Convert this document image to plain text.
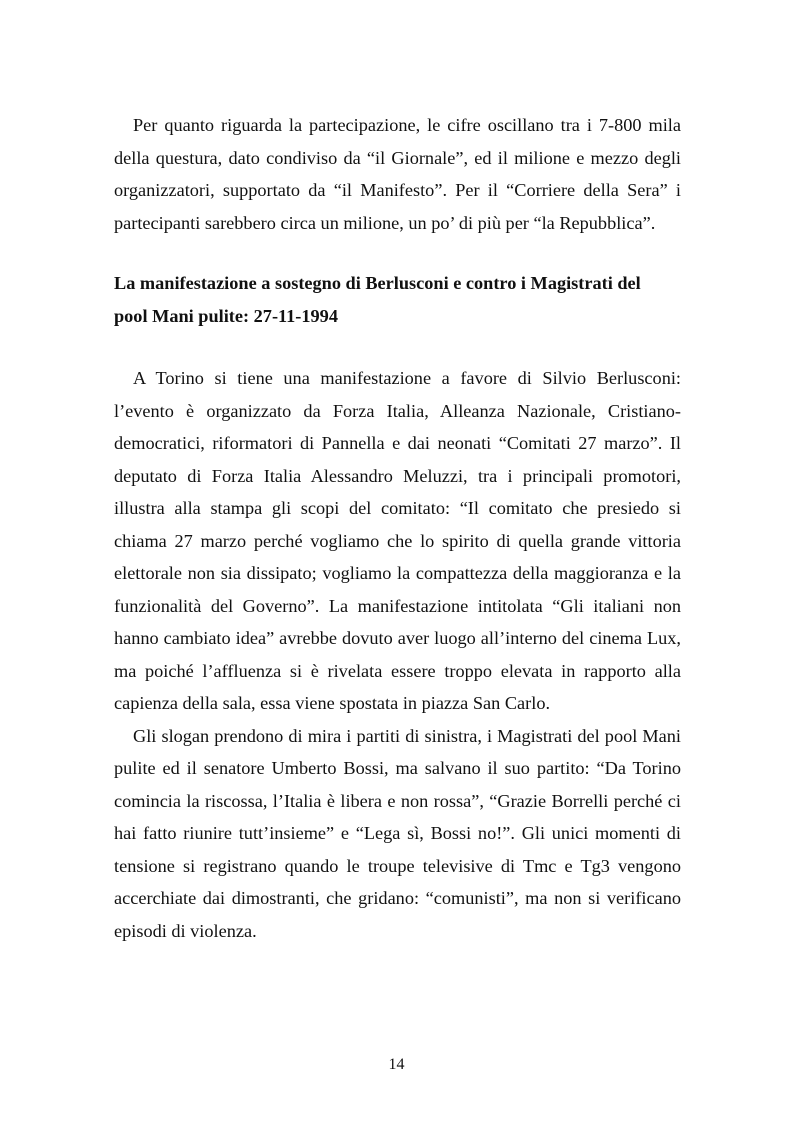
Per quanto riguarda la partecipazione, le cifre oscillano tra i 7-800 mila della questura, dato condiviso da “il Giornale”, ed il milione e mezzo degli organizzatori, supportato da “il Manifesto”. Per il “Corriere della Sera” i partecipanti sarebbero circa un milione, un po’ di più per “la Repubblica”.

La manifestazione a sostegno di Berlusconi e contro i Magistrati del pool Mani pulite: 27-11-1994

A Torino si tiene una manifestazione a favore di Silvio Berlusconi: l’evento è organizzato da Forza Italia, Alleanza Nazionale, Cristiano-democratici, riformatori di Pannella e dai neonati “Comitati 27 marzo”. Il deputato di Forza Italia Alessandro Meluzzi, tra i principali promotori, illustra alla stampa gli scopi del comitato: “Il comitato che presiedo si chiama 27 marzo perché vogliamo che lo spirito di quella grande vittoria elettorale non sia dissipato; vogliamo la compattezza della maggioranza e la funzionalità del Governo”. La manifestazione intitolata “Gli italiani non hanno cambiato idea” avrebbe dovuto aver luogo all’interno del cinema Lux, ma poiché l’affluenza si è rivelata essere troppo elevata in rapporto alla capienza della sala, essa viene spostata in piazza San Carlo.

Gli slogan prendono di mira i partiti di sinistra, i Magistrati del pool Mani pulite ed il senatore Umberto Bossi, ma salvano il suo partito: “Da Torino comincia la riscossa, l’Italia è libera e non rossa”, “Grazie Borrelli perché ci hai fatto riunire tutt’insieme” e “Lega sì, Bossi no!”. Gli unici momenti di tensione si registrano quando le troupe televisive di Tmc e Tg3 vengono accerchiate dai dimostranti, che gridano: “comunisti”, ma non si verificano episodi di violenza.

14
